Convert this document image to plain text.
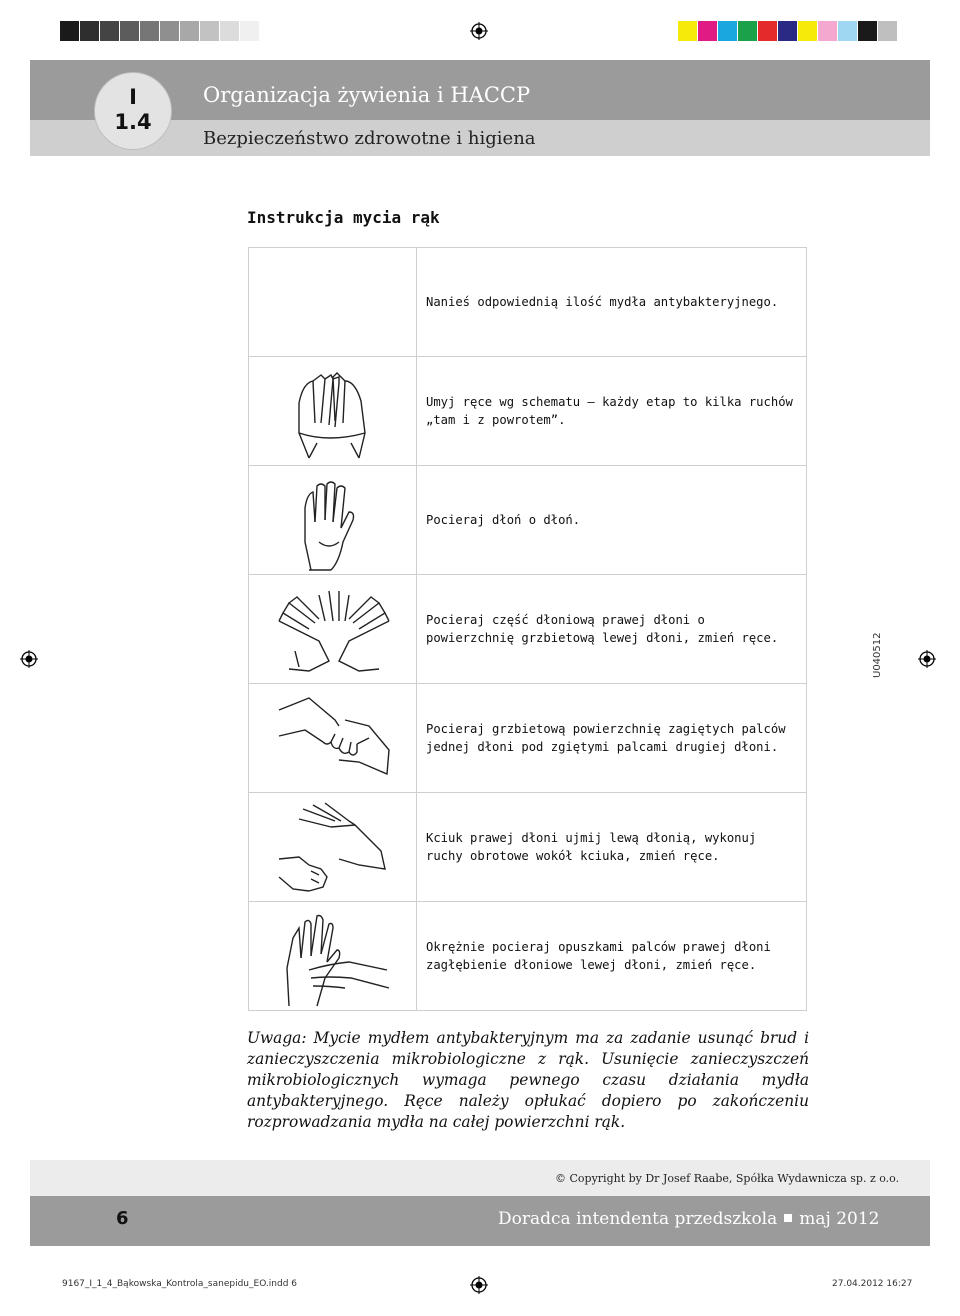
I
1.4
Organizacja żywienia i HACCP
Bezpieczeństwo zdrowotne i higiena
Instrukcja mycia rąk
Nanieś odpowiednią ilość mydła antybakteryjnego.
Umyj ręce wg schematu – każdy etap to kilka ruchów „tam i z powrotem”.
Pocieraj dłoń o dłoń.
Pocieraj część dłoniową prawej dłoni o powierzchnię grzbietową lewej dłoni, zmień ręce.
Pocieraj grzbietową powierzchnię zagiętych palców jednej dłoni pod zgiętymi palcami drugiej dłoni.
Kciuk prawej dłoni ujmij lewą dłonią, wykonuj ruchy obrotowe wokół kciuka, zmień ręce.
Okrężnie pocieraj opuszkami palców prawej dłoni zagłębienie dłoniowe lewej dłoni, zmień ręce.
Uwaga: Mycie mydłem antybakteryjnym ma za zadanie usunąć brud i zanieczyszczenia mikrobiologiczne z rąk. Usunięcie zanieczyszczeń mikrobiologicznych wymaga pewnego czasu działania mydła antybakteryjnego. Ręce należy opłukać dopiero po zakończeniu rozprowadzania mydła na całej powierzchni rąk.
U040512
© Copyright by Dr Josef Raabe, Spółka Wydawnicza sp. z o.o.
6	Doradca intendenta przedszkola maj 2012
9167_I_1_4_Bąkowska_Kontrola_sanepidu_EO.indd 6	27.04.2012 16:27
